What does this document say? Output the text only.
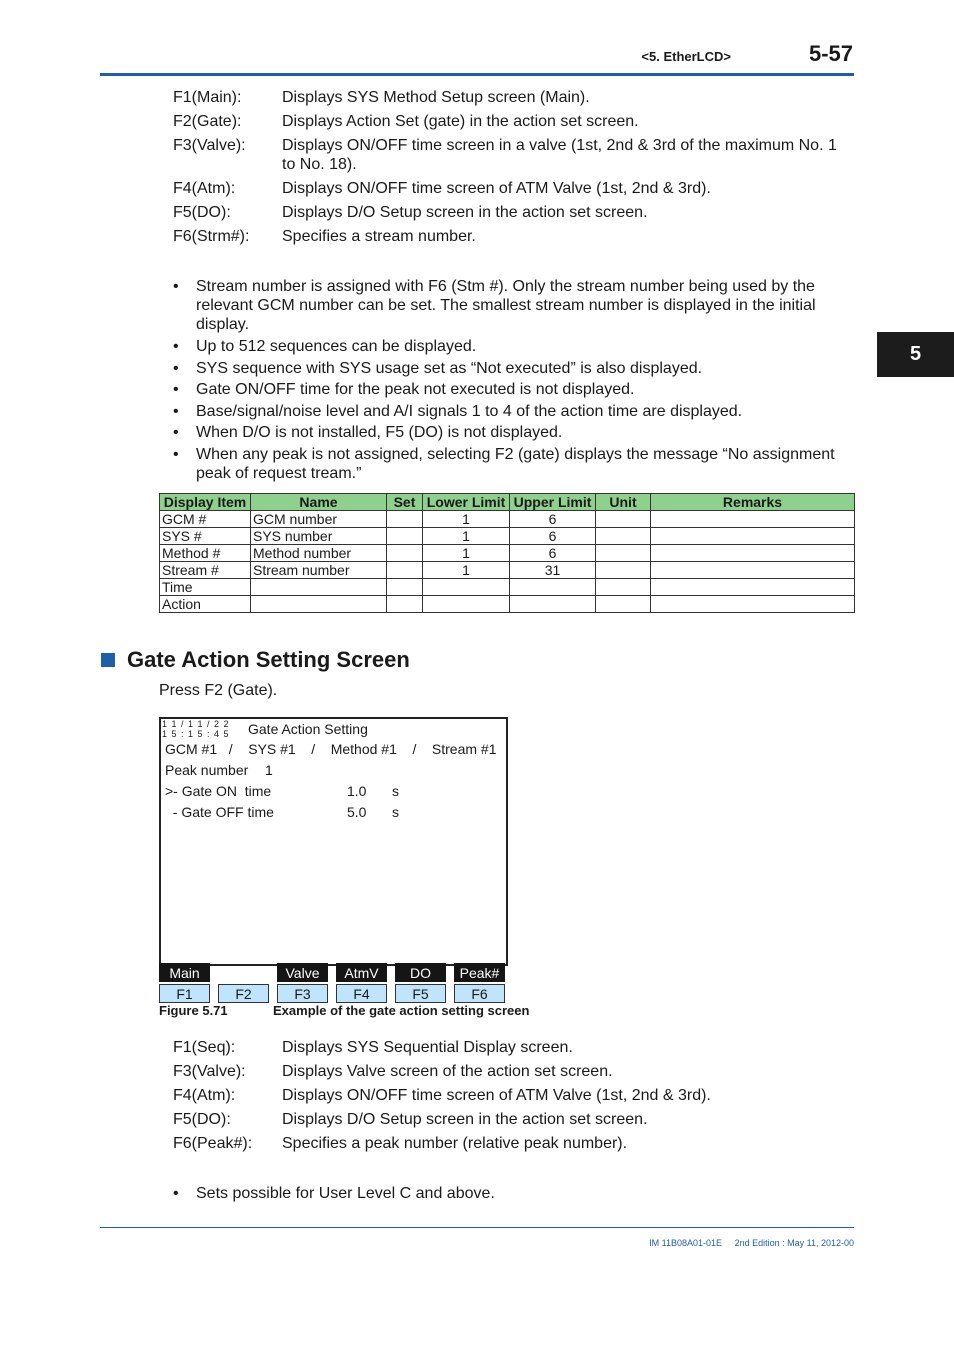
<5. EtherLCD>	5-57
5
F1(Main):	Displays SYS Method Setup screen (Main).
F2(Gate):	Displays Action Set (gate) in the action set screen.
F3(Valve): Displays ON/OFF time screen in a valve (1st, 2nd & 3rd of the maximum No. 1 to No. 18).
F4(Atm):	Displays ON/OFF time screen of ATM Valve (1st, 2nd & 3rd).
F5(DO):	Displays D/O Setup screen in the action set screen.
F6(Strm#): Specifies a stream number.
• Stream number is assigned with F6 (Stm #). Only the stream number being used by the relevant GCM number can be set. The smallest stream number is displayed in the initial display.
• Up to 512 sequences can be displayed.
• SYS sequence with SYS usage set as “Not executed” is also displayed.
• Gate ON/OFF time for the peak not executed is not displayed.
• Base/signal/noise level and A/I signals 1 to 4 of the action time are displayed.
• When D/O is not installed, F5 (DO) is not displayed.
• When any peak is not assigned, selecting F2 (gate) displays the message “No assignment peak of request tream.”
Display Item	Name	Set	Lower Limit	Upper Limit	Unit	Remarks
GCM #	GCM number		1	6		
SYS #	SYS number		1	6		
Method #	Method number		1	6		
Stream #	Stream number		1	31		
Time						
Action						
Gate Action Setting Screen
Press F2 (Gate).
1 1 / 1 1 / 2 2
1 5 : 1 5 : 4 5 Gate Action Setting
GCM #1   /    SYS #1    /    Method #1    /    Stream #1
Peak number 1
>- Gate ON  time	1.0 s
- Gate OFF time	5.0 s
Main	Valve	AtmV	DO	Peak#
F1	F2	F3	F4	F5	F6
Figure 5.71	Example of the gate action setting screen
F1(Seq):	Displays SYS Sequential Display screen.
F3(Valve): Displays Valve screen of the action set screen.
F4(Atm):	Displays ON/OFF time screen of ATM Valve (1st, 2nd & 3rd).
F5(DO):	Displays D/O Setup screen in the action set screen.
F6(Peak#): Specifies a peak number (relative peak number).
• Sets possible for User Level C and above.
IM 11B08A01-01E 2nd Edition : May 11, 2012-00
